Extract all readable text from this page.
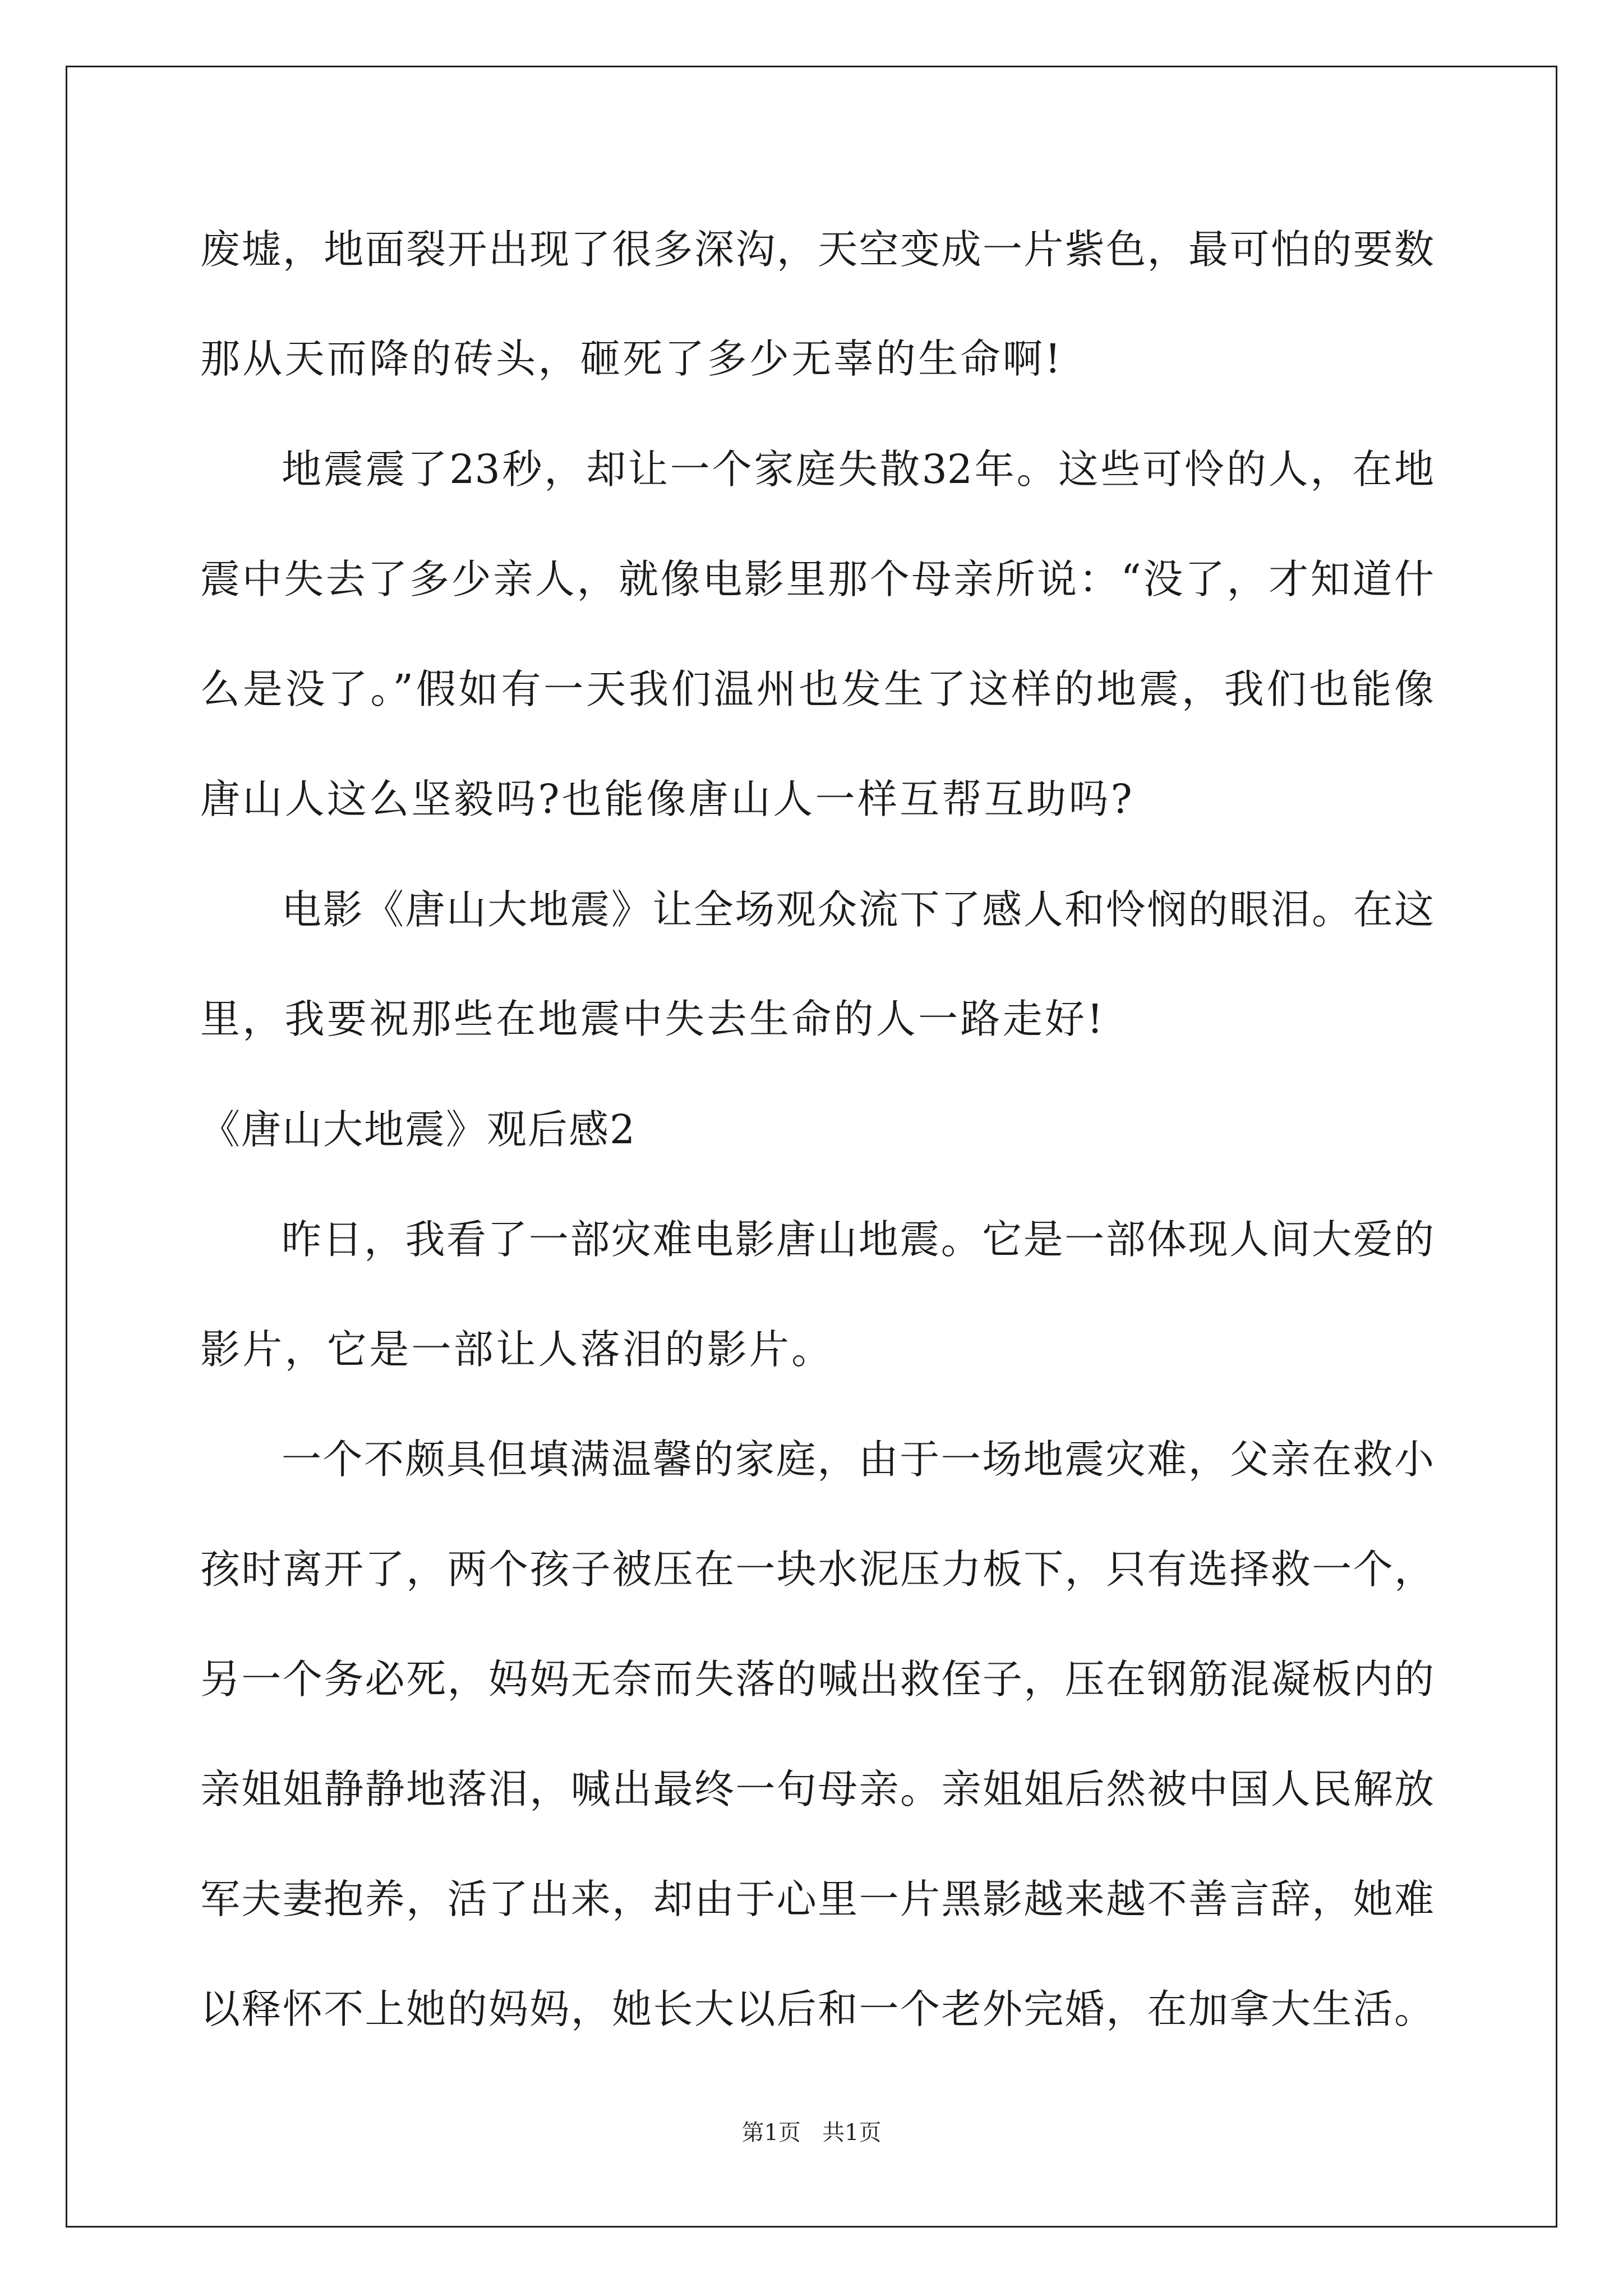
废墟，地面裂开出现了很多深沟，天空变成一片紫色，最可怕的要数
那从天而降的砖头，砸死了多少无辜的生命啊!
地震震了23秒，却让一个家庭失散32年。这些可怜的人，在地
震中失去了多少亲人，就像电影里那个母亲所说：“没了，才知道什
么是没了。”假如有一天我们温州也发生了这样的地震，我们也能像
唐山人这么坚毅吗?也能像唐山人一样互帮互助吗?
电影《唐山大地震》让全场观众流下了感人和怜悯的眼泪。在这
里，我要祝那些在地震中失去生命的人一路走好!
《唐山大地震》观后感2
昨日，我看了一部灾难电影唐山地震。它是一部体现人间大爱的
影片，它是一部让人落泪的影片。
一个不颇具但填满温馨的家庭，由于一场地震灾难，父亲在救小
孩时离开了，两个孩子被压在一块水泥压力板下，只有选择救一个，
另一个务必死，妈妈无奈而失落的喊出救侄子，压在钢筋混凝板内的
亲姐姐静静地落泪，喊出最终一句母亲。亲姐姐后然被中国人民解放
军夫妻抱养，活了出来，却由于心里一片黑影越来越不善言辞，她难
以释怀不上她的妈妈，她长大以后和一个老外完婚，在加拿大生活。
第1页   共1页
